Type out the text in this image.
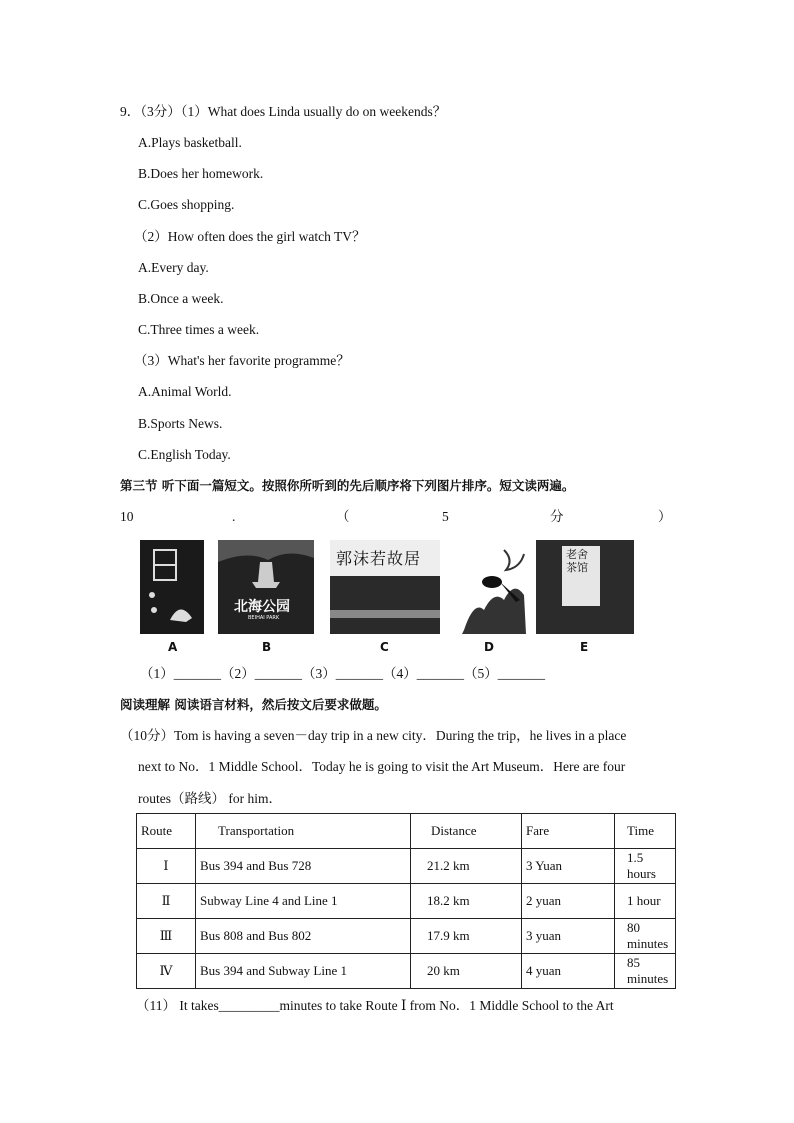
9．（3分）（1）What does Linda usually do on weekends？
A.Plays basketball.
B.Does her homework.
C.Goes shopping.
（2）How often does the girl watch TV？
A.Every day.
B.Once a week.
C.Three times a week.
（3）What's her favorite programme？
A.Animal World.
B.Sports News.
C.English Today.
第三节 听下面一篇短文。按照你所听到的先后顺序将下列图片排序。短文读两遍。
10	.	（	5	分	）
A
北海公园
BEIHAI PARK
B
郭沫若故居
C	D
老舍茶馆
E
（1）_______（2）_______（3）_______（4）_______（5）_______
阅读理解 阅读语言材料，然后按文后要求做题。
（10分）Tom is having a seven－day trip in a new city．During the trip，he lives in a place
next to No．1 Middle School．Today he is going to visit the Art Museum．Here are four
routes（路线） for him．
Route	Transportation	Distance	Fare	Time
Ⅰ	Bus 394 and Bus 728	21.2 km	3 Yuan	1.5 hours
Ⅱ	Subway Line 4 and Line 1	18.2 km	2 yuan	1 hour
Ⅲ	Bus 808 and Bus 802	17.9 km	3 yuan	80 minutes
Ⅳ	Bus 394 and Subway Line 1	20 km	4 yuan	85 minutes
（11） It takes_________minutes to take Route Ⅰ from No．1 Middle School to the Art
